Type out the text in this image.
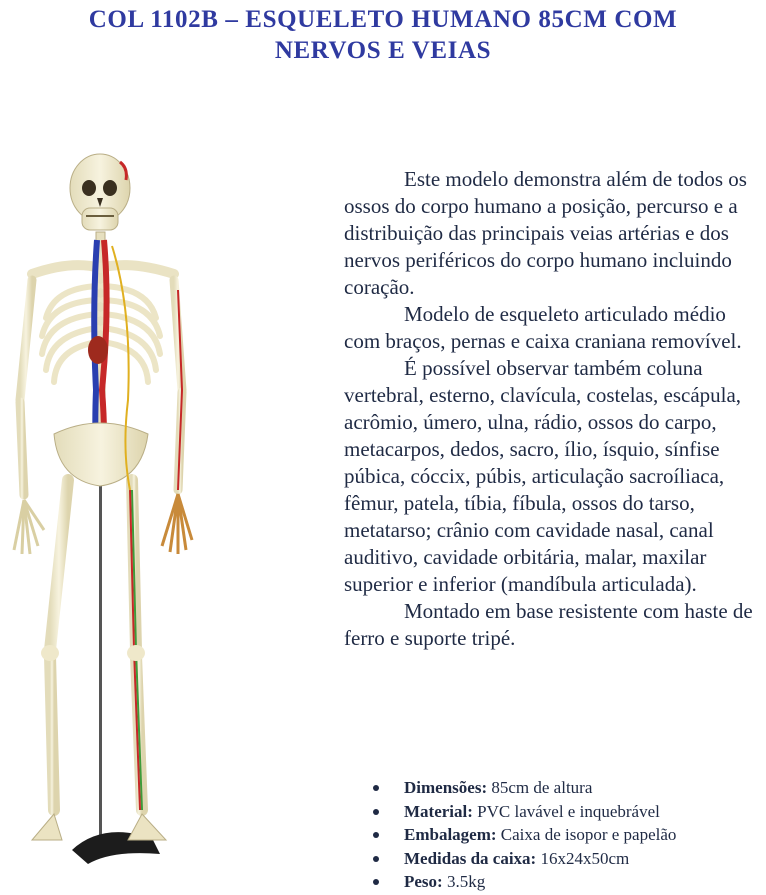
COL 1102B – ESQUELETO HUMANO 85CM COM
NERVOS E VEIAS

Este modelo demonstra além de todos os ossos do corpo humano a posição, percurso e a distribuição das principais veias artérias e dos nervos periféricos do corpo humano incluindo coração.

Modelo de esqueleto articulado médio com braços, pernas e caixa craniana removível.

É possível observar também coluna vertebral, esterno, clavícula, costelas, escápula, acrômio, úmero, ulna, rádio, ossos do carpo, metacarpos, dedos, sacro, ílio, ísquio, sínfise púbica, cóccix, púbis, articulação sacroíliaca, fêmur, patela, tíbia, fíbula, ossos do tarso, metatarso; crânio com cavidade nasal, canal auditivo, cavidade orbitária, malar, maxilar superior e inferior (mandíbula articulada).

Montado em base resistente com haste de ferro e suporte tripé.

Dimensões: 85cm de altura
Material: PVC lavável e inquebrável
Embalagem: Caixa de isopor e papelão
Medidas da caixa: 16x24x50cm
Peso: 3.5kg
